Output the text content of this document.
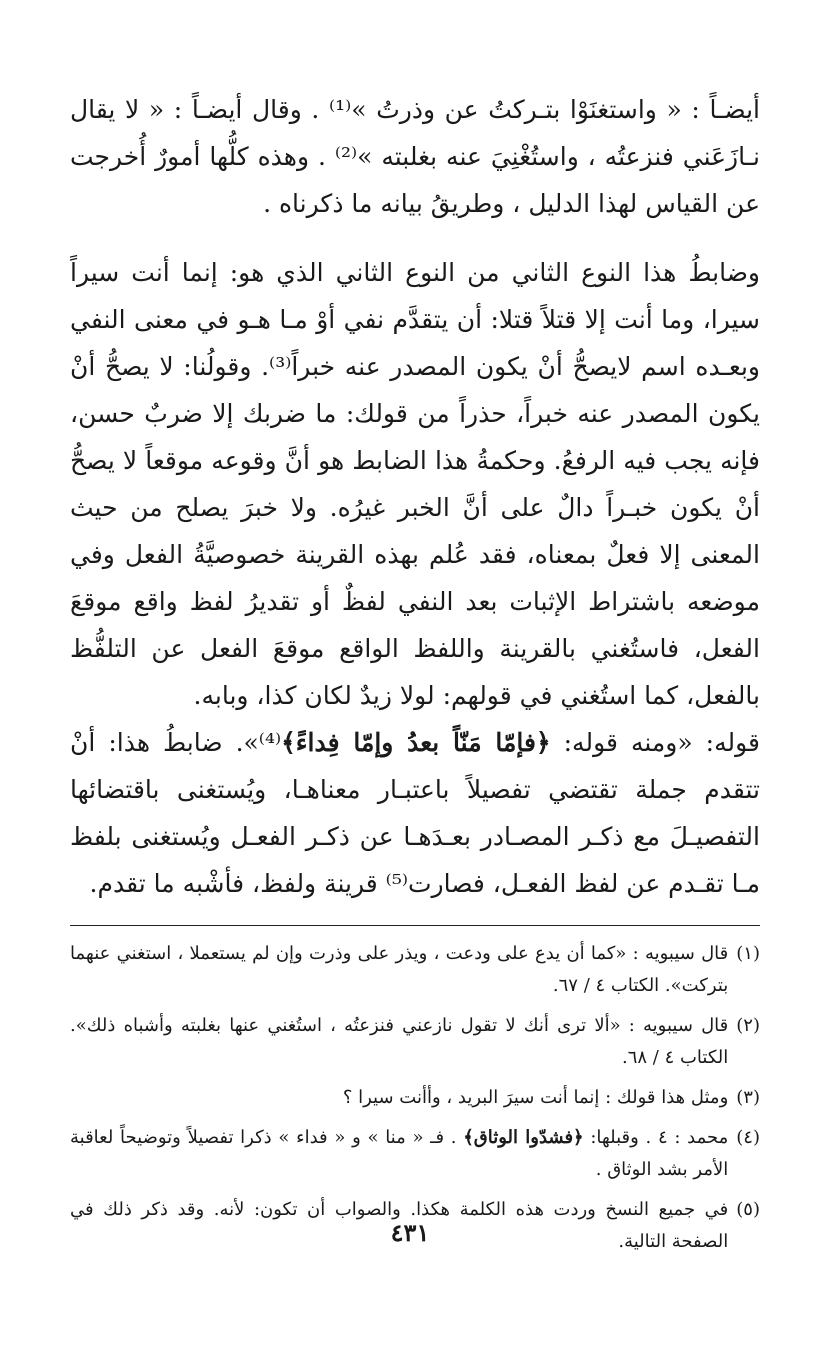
أيضـاً : « واستغنَوْا بتـركتُ عن وذرتُ »⁽¹⁾ . وقال أيضـاً : « لا يقال نـازَعَني فنزعتُه ، واستُغْنِيَ عنه بغلبته »⁽²⁾ . وهذه كلُّها أمورٌ أُخرجت عن القياس لهذا الدليل ، وطريقُ بيانه ما ذكرناه .

وضابطُ هذا النوع الثاني من النوع الثاني الذي هو: إنما أنت سيراً سيرا، وما أنت إلا قتلاً قتلا: أن يتقدَّم نفي أوْ مـا هـو في معنى النفي وبعـده اسم لايصحُّ أنْ يكون المصدر عنه خبراً⁽³⁾. وقولُنا: لا يصحُّ أنْ يكون المصدر عنه خبراً، حذراً من قولك: ما ضربك إلا ضربٌ حسن، فإنه يجب فيه الرفعُ. وحكمةُ هذا الضابط هو أنَّ وقوعه موقعاً لا يصحُّ أنْ يكون خبـراً دالٌ على أنَّ الخبر غيرُه. ولا خبرَ يصلح من حيث المعنى إلا فعلٌ بمعناه، فقد عُلم بهذه القرينة خصوصيَّةُ الفعل وفي موضعه باشتراط الإثبات بعد النفي لفظٌ أو تقديرُ لفظ واقع موقعَ الفعل، فاستُغني بالقرينة واللفظ الواقع موقعَ الفعل عن التلفُّظ بالفعل، كما استُغني في قولهم: لولا زيدٌ لكان كذا، وبابه.

قوله: «ومنه قوله: ﴿فإمّا مَنّاً بعدُ وإمّا فِداءً﴾⁽⁴⁾». ضابطُ هذا: أنْ تتقدم جملة تقتضي تفصيلاً باعتبـار معناهـا، ويُستغنى باقتضائها التفصيـلَ مع ذكـر المصـادر بعـدَهـا عن ذكـر الفعـل ويُستغنى بلفظ مـا تقـدم عن لفظ الفعـل، فصارت⁽⁵⁾ قرينة ولفظ، فأشْبه ما تقدم.

(١)
قال سيبويه : «كما أن يدع على ودعت ، ويذر على وذرت وإن لم يستعملا ، استغني عنهما بتركت». الكتاب ٤ / ٦٧.
(٢)
قال سيبويه : «ألا ترى أنك لا تقول نازعني فنزعتُه ، استُغني عنها بغلبته وأشباه ذلك». الكتاب ٤ / ٦٨.
(٣)
ومثل هذا قولك : إنما أنت سيرَ البريد ، وأأنت سيرا ؟
(٤)
محمد : ٤ . وقبلها: ﴿فشدّوا الوثاق﴾ . فـ « منا » و « فداء » ذكرا تفصيلاً وتوضيحاً لعاقبة الأمر بشد الوثاق .
(٥)
في جميع النسخ وردت هذه الكلمة هكذا. والصواب أن تكون: لأنه. وقد ذكر ذلك في الصفحة التالية.
٤٣١
